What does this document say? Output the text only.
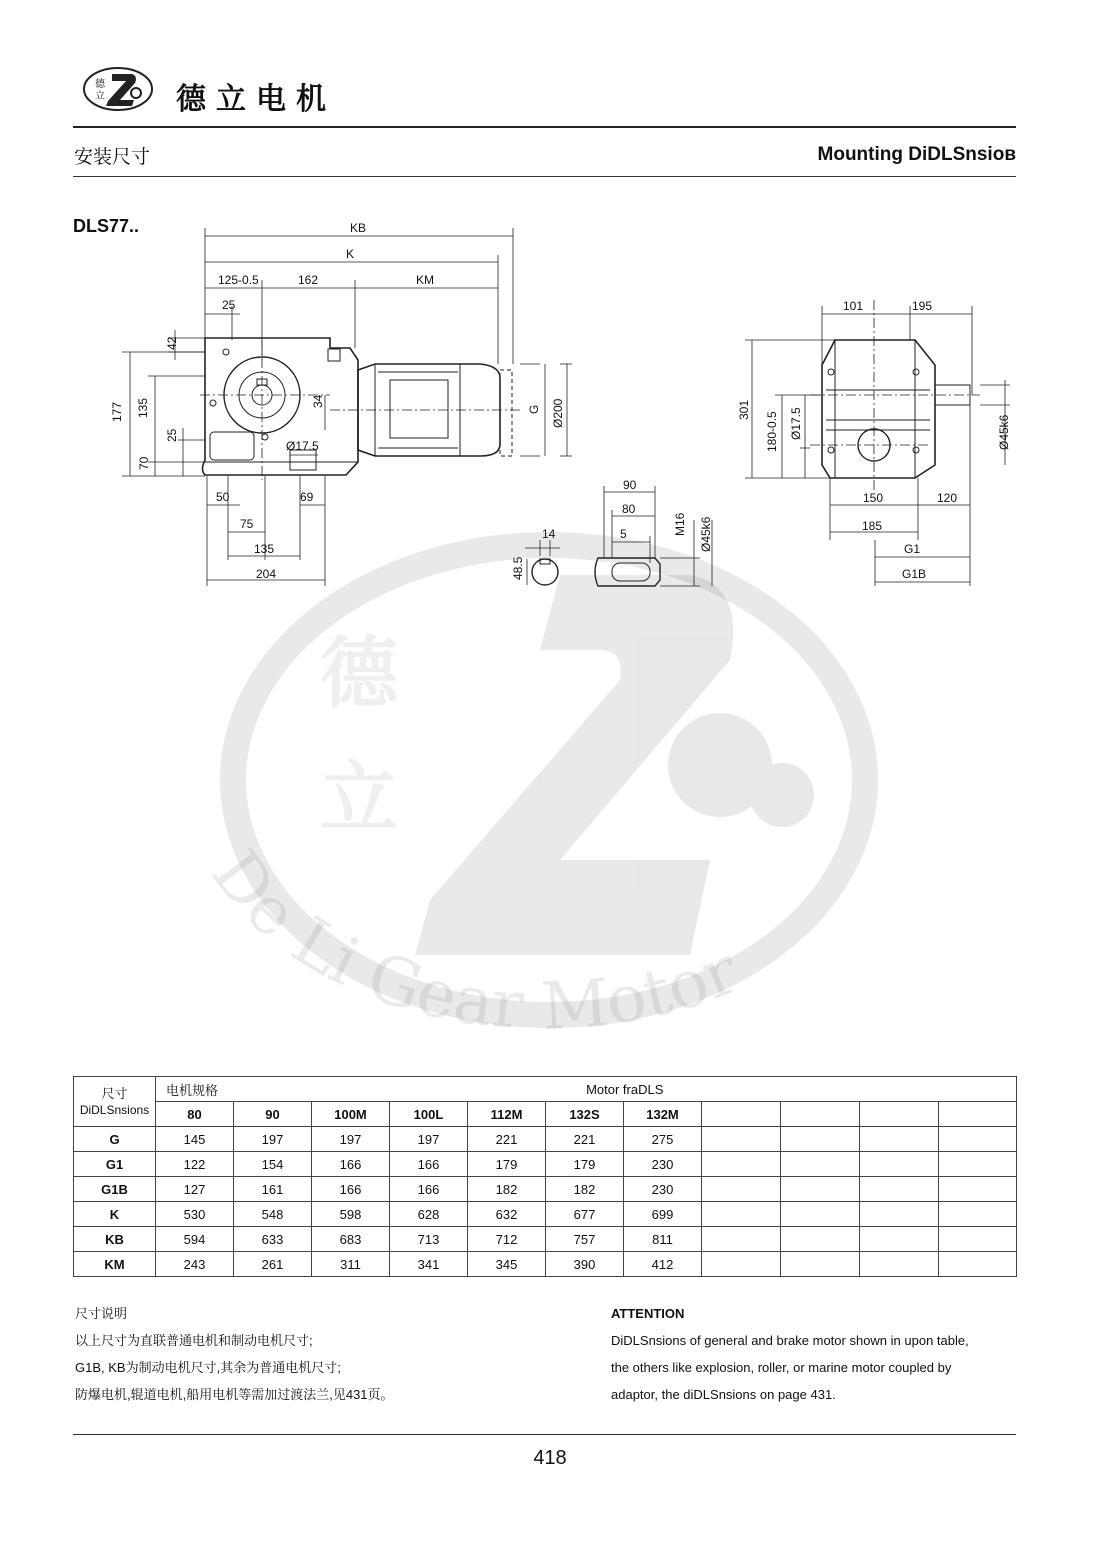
德
立
De Li Gear Motor
德
立 德立电机
安装尺寸	Mounting DiDLSnsioв
DLS77..	KB
K
125-0.5	162	KM
25
42
177 135
25
70
34
Ø17.5
G Ø200
50	69
75
135
204
90
80
5	M16 Ø45k6
14
48.5
101	195
301
180-0.5 Ø17.5	Ø45k6
150	120
185
G1
G1B
尺寸
DiDLSnsions	电机规格	Motor fraDLS									
	80	90	100M	100L	112M	132S	132M				
G	145	197	197	197	221	221	275				
G1	122	154	166	166	179	179	230				
G1B	127	161	166	166	182	182	230				
K	530	548	598	628	632	677	699				
KB	594	633	683	713	712	757	811				
KM	243	261	311	341	345	390	412				
尺寸说明
以上尺寸为直联普通电机和制动电机尺寸;
G1B, KB为制动电机尺寸,其余为普通电机尺寸;
防爆电机,辊道电机,船用电机等需加过渡法兰,见431页。
ATTENTION
DiDLSnsions of general and brake motor shown in upon table,
the others like explosion, roller, or marine motor coupled by
adaptor, the diDLSnsions on page 431.
418
